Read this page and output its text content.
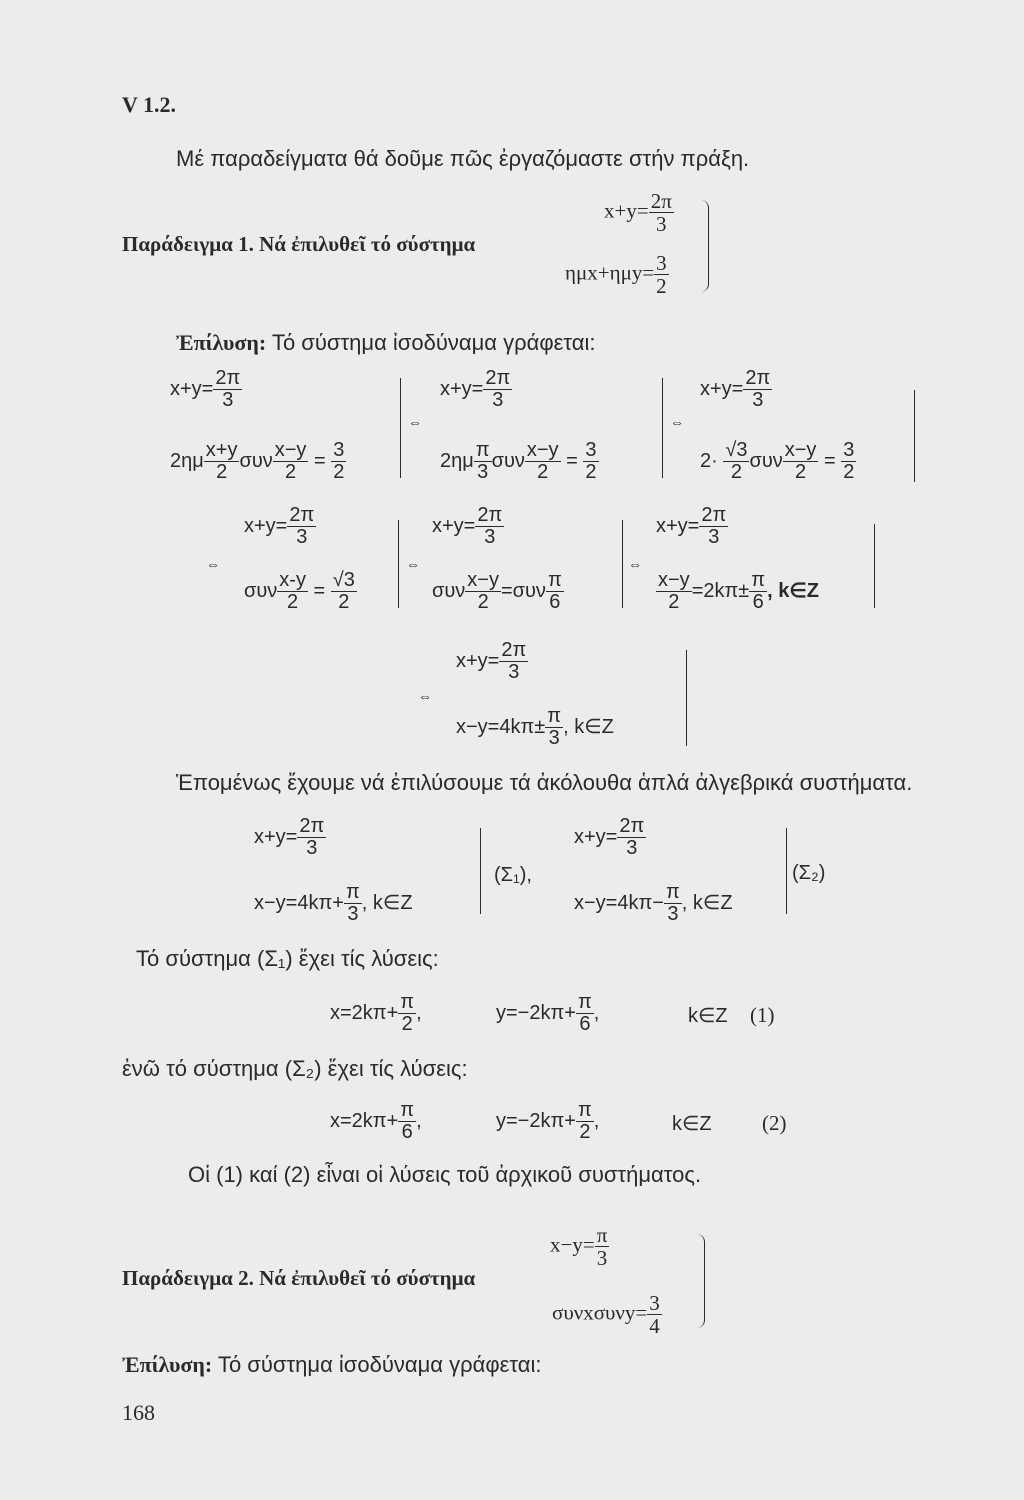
V 1.2.
Μέ παραδείγματα θά δοῦμε πῶς ἐργαζόμαστε στήν πράξη.
Παράδειγμα 1. Νά ἐπιλυθεῖ τό σύστημα
$x+y= \frac{2\pi}{3}$
$\eta\mu x+\eta\mu y= \frac{3}{2}$
Ἐπίλυση: Τό σύστημα ἰσοδύναμα γράφεται:
$x+y= \frac{2\pi}{3}$
$2\eta\mu \frac{x+y}{2}$ συν $\frac{x-y}{2} = \frac{3}{2}$
⇔
$x+y= \frac{2\pi}{3}$
$2\eta\mu \frac{\pi}{3}$ συν $\frac{x-y}{2} = \frac{3}{2}$
⇔
$x+y= \frac{2\pi}{3}$
$2\cdot \frac{√3}{2}$ συν $\frac{x-y}{2} = \frac{3}{2}$
⇔
$x+y= \frac{2\pi}{3}$
συν $\frac{x-y}{2} = \frac{√3}{2}$
⇔
$x+y= \frac{2\pi}{3}$
συν $\frac{x-y}{2} =\sigma\upsilon\nu \frac{\pi}{6}$
⇔
$x+y= \frac{2\pi}{3}$
$\frac{x-y}{2} =2k\pi\pm \frac{\pi}{6}$ , k∈Z
⇔
$x+y= \frac{2\pi}{3}$
$x-y=4k\pi\pm \frac{\pi}{3}$ , k∈Z
Ἑπομένως ἔχουμε νά ἐπιλύσουμε τά ἀκόλουθα ἁπλά ἀλγεβρικά συστήματα.
$x+y= \frac{2\pi}{3}$
$x-y=4k\pi+ \frac{\pi}{3}$ , k∈Z
(Σ₁),
$x+y= \frac{2\pi}{3}$
$x-y=4k\pi- \frac{\pi}{3}$ , k∈Z
(Σ₂)
Τό σύστημα (Σ₁) ἔχει τίς λύσεις:
$x=2k\pi+ \frac{\pi}{2}$ ,	$y=-2k\pi+ \frac{\pi}{6}$ ,	k∈Z (1)
ἐνῶ τό σύστημα (Σ₂) ἔχει τίς λύσεις:
$x=2k\pi+ \frac{\pi}{6}$ ,	$y=-2k\pi+ \frac{\pi}{2}$ ,	k∈Z (2)
Οἱ (1) καί (2) εἶναι οἱ λύσεις τοῦ ἀρχικοῦ συστήματος.
Παράδειγμα 2. Νά ἐπιλυθεῖ τό σύστημα
$x-y= \frac{\pi}{3}$
$\sigma\upsilon\nu x\sigma\upsilon\nu y= \frac{3}{4}$
Ἐπίλυση: Τό σύστημα ἰσοδύναμα γράφεται:
168
